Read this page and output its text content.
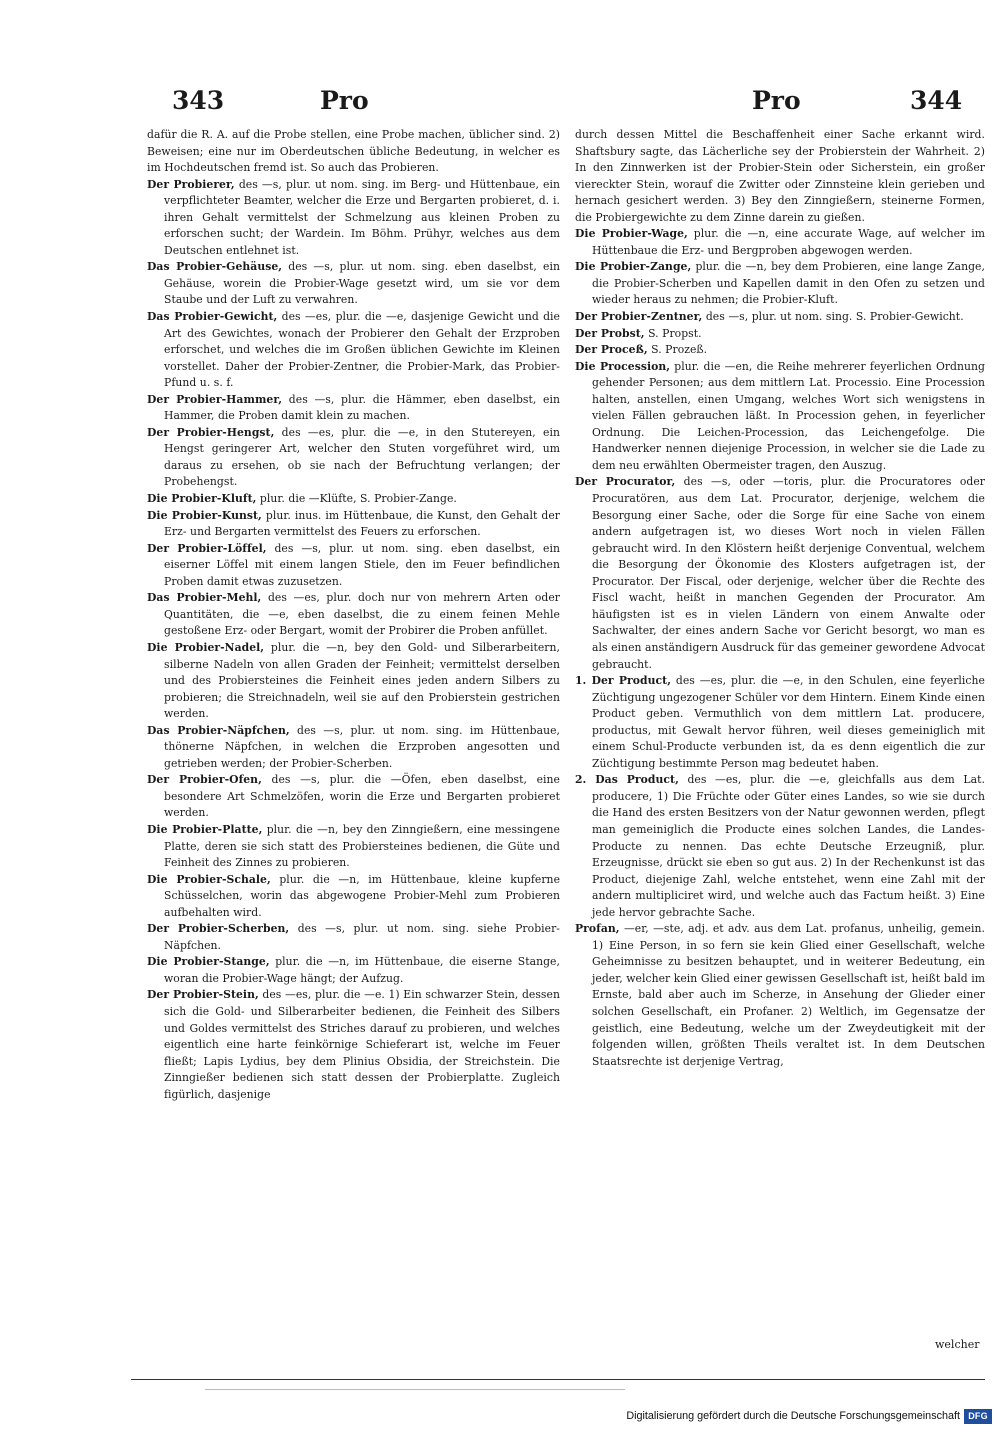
343	Pro	Pro	344

dafür die R. A. auf die Probe stellen, eine Probe machen, üblicher sind. 2) Beweisen; eine nur im Oberdeutschen übliche Bedeutung, in welcher es im Hochdeutschen fremd ist. So auch das Probieren.

Der Probierer, des —s, plur. ut nom. sing. im Berg- und Hüttenbaue, ein verpflichteter Beamter, welcher die Erze und Bergarten probieret, d. i. ihren Gehalt vermittelst der Schmelzung aus kleinen Proben zu erforschen sucht; der Wardein. Im Böhm. Prühyr, welches aus dem Deutschen entlehnet ist.

Das Probier-Gehäuse, des —s, plur. ut nom. sing. eben daselbst, ein Gehäuse, worein die Probier-Wage gesetzt wird, um sie vor dem Staube und der Luft zu verwahren.

Das Probier-Gewicht, des —es, plur. die —e, dasjenige Gewicht und die Art des Gewichtes, wonach der Probierer den Gehalt der Erzproben erforschet, und welches die im Großen üblichen Gewichte im Kleinen vorstellet. Daher der Probier-Zentner, die Probier-Mark, das Probier-Pfund u. s. f.

Der Probier-Hammer, des —s, plur. die Hämmer, eben daselbst, ein Hammer, die Proben damit klein zu machen.

Der Probier-Hengst, des —es, plur. die —e, in den Stutereyen, ein Hengst geringerer Art, welcher den Stuten vorgeführet wird, um daraus zu ersehen, ob sie nach der Befruchtung verlangen; der Probehengst.

Die Probier-Kluft, plur. die —Klüfte, S. Probier-Zange.

Die Probier-Kunst, plur. inus. im Hüttenbaue, die Kunst, den Gehalt der Erz- und Bergarten vermittelst des Feuers zu erforschen.

Der Probier-Löffel, des —s, plur. ut nom. sing. eben daselbst, ein eiserner Löffel mit einem langen Stiele, den im Feuer befindlichen Proben damit etwas zuzusetzen.

Das Probier-Mehl, des —es, plur. doch nur von mehrern Arten oder Quantitäten, die —e, eben daselbst, die zu einem feinen Mehle gestoßene Erz- oder Bergart, womit der Probirer die Proben anfüllet.

Die Probier-Nadel, plur. die —n, bey den Gold- und Silberarbeitern, silberne Nadeln von allen Graden der Feinheit; vermittelst derselben und des Probiersteines die Feinheit eines jeden andern Silbers zu probieren; die Streichnadeln, weil sie auf den Probierstein gestrichen werden.

Das Probier-Näpfchen, des —s, plur. ut nom. sing. im Hüttenbaue, thönerne Näpfchen, in welchen die Erzproben angesotten und getrieben werden; der Probier-Scherben.

Der Probier-Ofen, des —s, plur. die —Öfen, eben daselbst, eine besondere Art Schmelzöfen, worin die Erze und Bergarten probieret werden.

Die Probier-Platte, plur. die —n, bey den Zinngießern, eine messingene Platte, deren sie sich statt des Probiersteines bedienen, die Güte und Feinheit des Zinnes zu probieren.

Die Probier-Schale, plur. die —n, im Hüttenbaue, kleine kupferne Schüsselchen, worin das abgewogene Probier-Mehl zum Probieren aufbehalten wird.

Der Probier-Scherben, des —s, plur. ut nom. sing. siehe Probier-Näpfchen.

Die Probier-Stange, plur. die —n, im Hüttenbaue, die eiserne Stange, woran die Probier-Wage hängt; der Aufzug.

Der Probier-Stein, des —es, plur. die —e. 1) Ein schwarzer Stein, dessen sich die Gold- und Silberarbeiter bedienen, die Feinheit des Silbers und Goldes vermittelst des Striches darauf zu probieren, und welches eigentlich eine harte feinkörnige Schieferart ist, welche im Feuer fließt; Lapis Lydius, bey dem Plinius Obsidia, der Streichstein. Die Zinngießer bedienen sich statt dessen der Probierplatte. Zugleich figürlich, dasjenige

durch dessen Mittel die Beschaffenheit einer Sache erkannt wird. Shaftsbury sagte, das Lächerliche sey der Probierstein der Wahrheit. 2) In den Zinnwerken ist der Probier-Stein oder Sicherstein, ein großer viereckter Stein, worauf die Zwitter oder Zinnsteine klein gerieben und hernach gesichert werden. 3) Bey den Zinngießern, steinerne Formen, die Probiergewichte zu dem Zinne darein zu gießen.

Die Probier-Wage, plur. die —n, eine accurate Wage, auf welcher im Hüttenbaue die Erz- und Bergproben abgewogen werden.

Die Probier-Zange, plur. die —n, bey dem Probieren, eine lange Zange, die Probier-Scherben und Kapellen damit in den Ofen zu setzen und wieder heraus zu nehmen; die Probier-Kluft.

Der Probier-Zentner, des —s, plur. ut nom. sing. S. Probier-Gewicht.

Der Probst, S. Propst.

Der Proceß, S. Prozeß.

Die Procession, plur. die —en, die Reihe mehrerer feyerlichen Ordnung gehender Personen; aus dem mittlern Lat. Processio. Eine Procession halten, anstellen, einen Umgang, welches Wort sich wenigstens in vielen Fällen gebrauchen läßt. In Procession gehen, in feyerlicher Ordnung. Die Leichen-Procession, das Leichengefolge. Die Handwerker nennen diejenige Procession, in welcher sie die Lade zu dem neu erwählten Obermeister tragen, den Auszug.

Der Procurator, des —s, oder —toris, plur. die Procuratores oder Procuratören, aus dem Lat. Procurator, derjenige, welchem die Besorgung einer Sache, oder die Sorge für eine Sache von einem andern aufgetragen ist, wo dieses Wort noch in vielen Fällen gebraucht wird. In den Klöstern heißt derjenige Conventual, welchem die Besorgung der Ökonomie des Klosters aufgetragen ist, der Procurator. Der Fiscal, oder derjenige, welcher über die Rechte des Fiscl wacht, heißt in manchen Gegenden der Procurator. Am häufigsten ist es in vielen Ländern von einem Anwalte oder Sachwalter, der eines andern Sache vor Gericht besorgt, wo man es als einen anständigern Ausdruck für das gemeiner gewordene Advocat gebraucht.

1. Der Product, des —es, plur. die —e, in den Schulen, eine feyerliche Züchtigung ungezogener Schüler vor dem Hintern. Einem Kinde einen Product geben. Vermuthlich von dem mittlern Lat. producere, productus, mit Gewalt hervor führen, weil dieses gemeiniglich mit einem Schul-Producte verbunden ist, da es denn eigentlich die zur Züchtigung bestimmte Person mag bedeutet haben.

2. Das Product, des —es, plur. die —e, gleichfalls aus dem Lat. producere, 1) Die Früchte oder Güter eines Landes, so wie sie durch die Hand des ersten Besitzers von der Natur gewonnen werden, pflegt man gemeiniglich die Producte eines solchen Landes, die Landes-Producte zu nennen. Das echte Deutsche Erzeugniß, plur. Erzeugnisse, drückt sie eben so gut aus. 2) In der Rechenkunst ist das Product, diejenige Zahl, welche entstehet, wenn eine Zahl mit der andern multipliciret wird, und welche auch das Factum heißt. 3) Eine jede hervor gebrachte Sache.

Profan, —er, —ste, adj. et adv. aus dem Lat. profanus, unheilig, gemein. 1) Eine Person, in so fern sie kein Glied einer Gesellschaft, welche Geheimnisse zu besitzen behauptet, und in weiterer Bedeutung, ein jeder, welcher kein Glied einer gewissen Gesellschaft ist, heißt bald im Ernste, bald aber auch im Scherze, in Ansehung der Glieder einer solchen Gesellschaft, ein Profaner. 2) Weltlich, im Gegensatze der geistlich, eine Bedeutung, welche um der Zweydeutigkeit mit der folgenden willen, größten Theils veraltet ist. In dem Deutschen Staatsrechte ist derjenige Vertrag,

welcher
Digitalisierung gefördert durch die Deutsche Forschungsgemeinschaft DFG
